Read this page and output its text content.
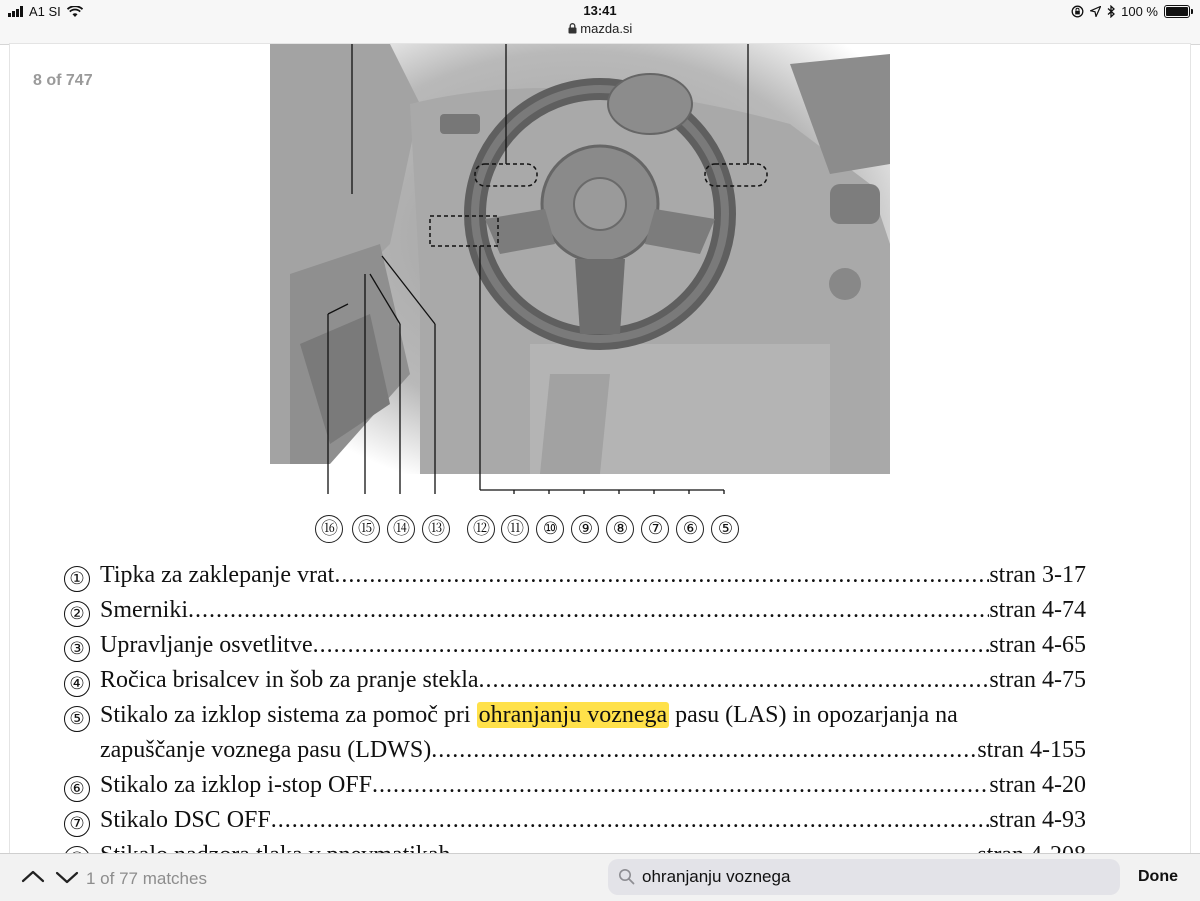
A1 SI	13:41
mazda.si
100 %
8 of 747
⑯	⑮	⑭	⑬	⑫	⑪	⑩	⑨	⑧	⑦	⑥	⑤
① Tipka za zaklepanje vrat .....	stran 3-17
② Smerniki .....	stran 4-74
③ Upravljanje osvetlitve .....	stran 4-65
④ Ročica brisalcev in šob za pranje stekla .....	stran 4-75
⑤ Stikalo za izklop sistema za pomoč pri ohranjanju voznega pasu (LAS) in opozarjanja na
zapuščanje voznega pasu (LDWS) .....	stran 4-155
⑥ Stikalo za izklop i-stop OFF .....	stran 4-20
⑦ Stikalo DSC OFF .....	stran 4-93
.....
1 of 77 matches	ohranjanju voznega	Done
